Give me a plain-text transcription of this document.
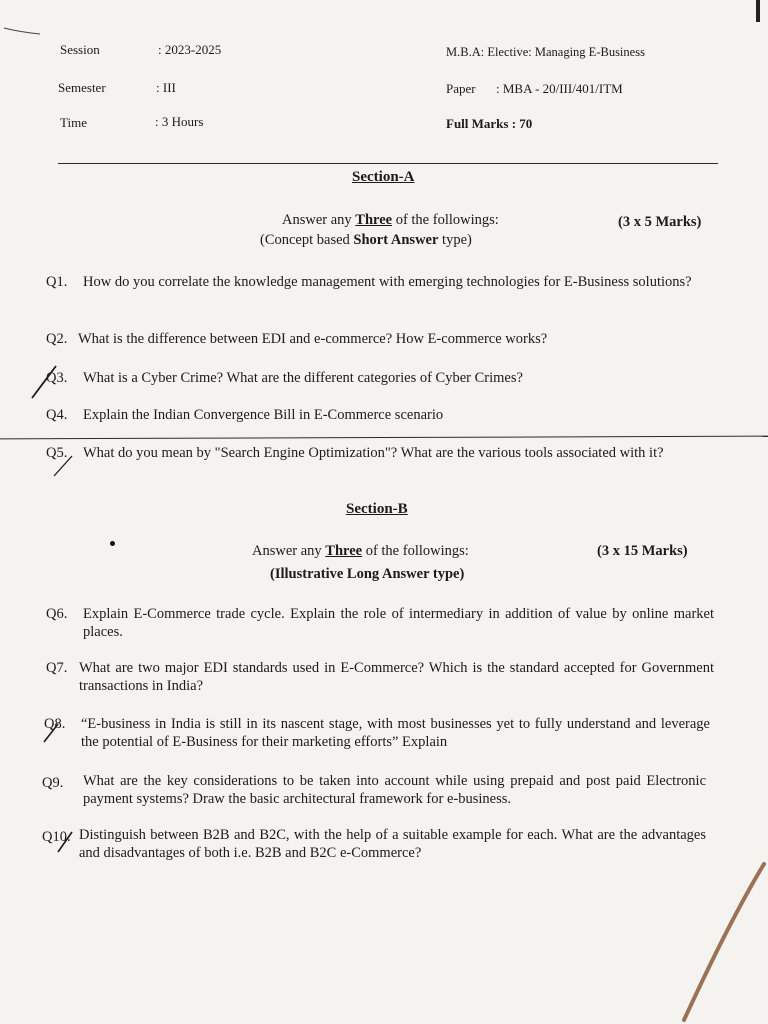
Session	: 2023-2025
Semester	: III
Time	: 3 Hours
M.B.A: Elective: Managing E-Business
Paper : MBA - 20/III/401/ITM
Full Marks : 70
Section-A
Answer any Three of the followings:	(3 x 5 Marks)
(Concept based Short Answer type)
Q1. How do you correlate the knowledge management with emerging technologies for E-Business solutions?
Q2. What is the difference between EDI and e-commerce? How E-commerce works?
Q3. What is a Cyber Crime? What are the different categories of Cyber Crimes?
Q4. Explain the Indian Convergence Bill in E-Commerce scenario
Q5. What do you mean by "Search Engine Optimization"? What are the various tools associated with it?
Section-B
Answer any Three of the followings:	(3 x 15 Marks)
(Illustrative Long Answer type)
Q6. Explain E-Commerce trade cycle. Explain the role of intermediary in addition of value by online market places.
Q7. What are two major EDI standards used in E-Commerce? Which is the standard accepted for Government transactions in India?
Q8. “E-business in India is still in its nascent stage, with most businesses yet to fully understand and leverage the potential of E-Business for their marketing efforts” Explain
Q9. What are the key considerations to be taken into account while using prepaid and post paid Electronic payment systems? Draw the basic architectural framework for e-business.
Q10. Distinguish between B2B and B2C, with the help of a suitable example for each. What are the advantages and disadvantages of both i.e. B2B and B2C e-Commerce?
